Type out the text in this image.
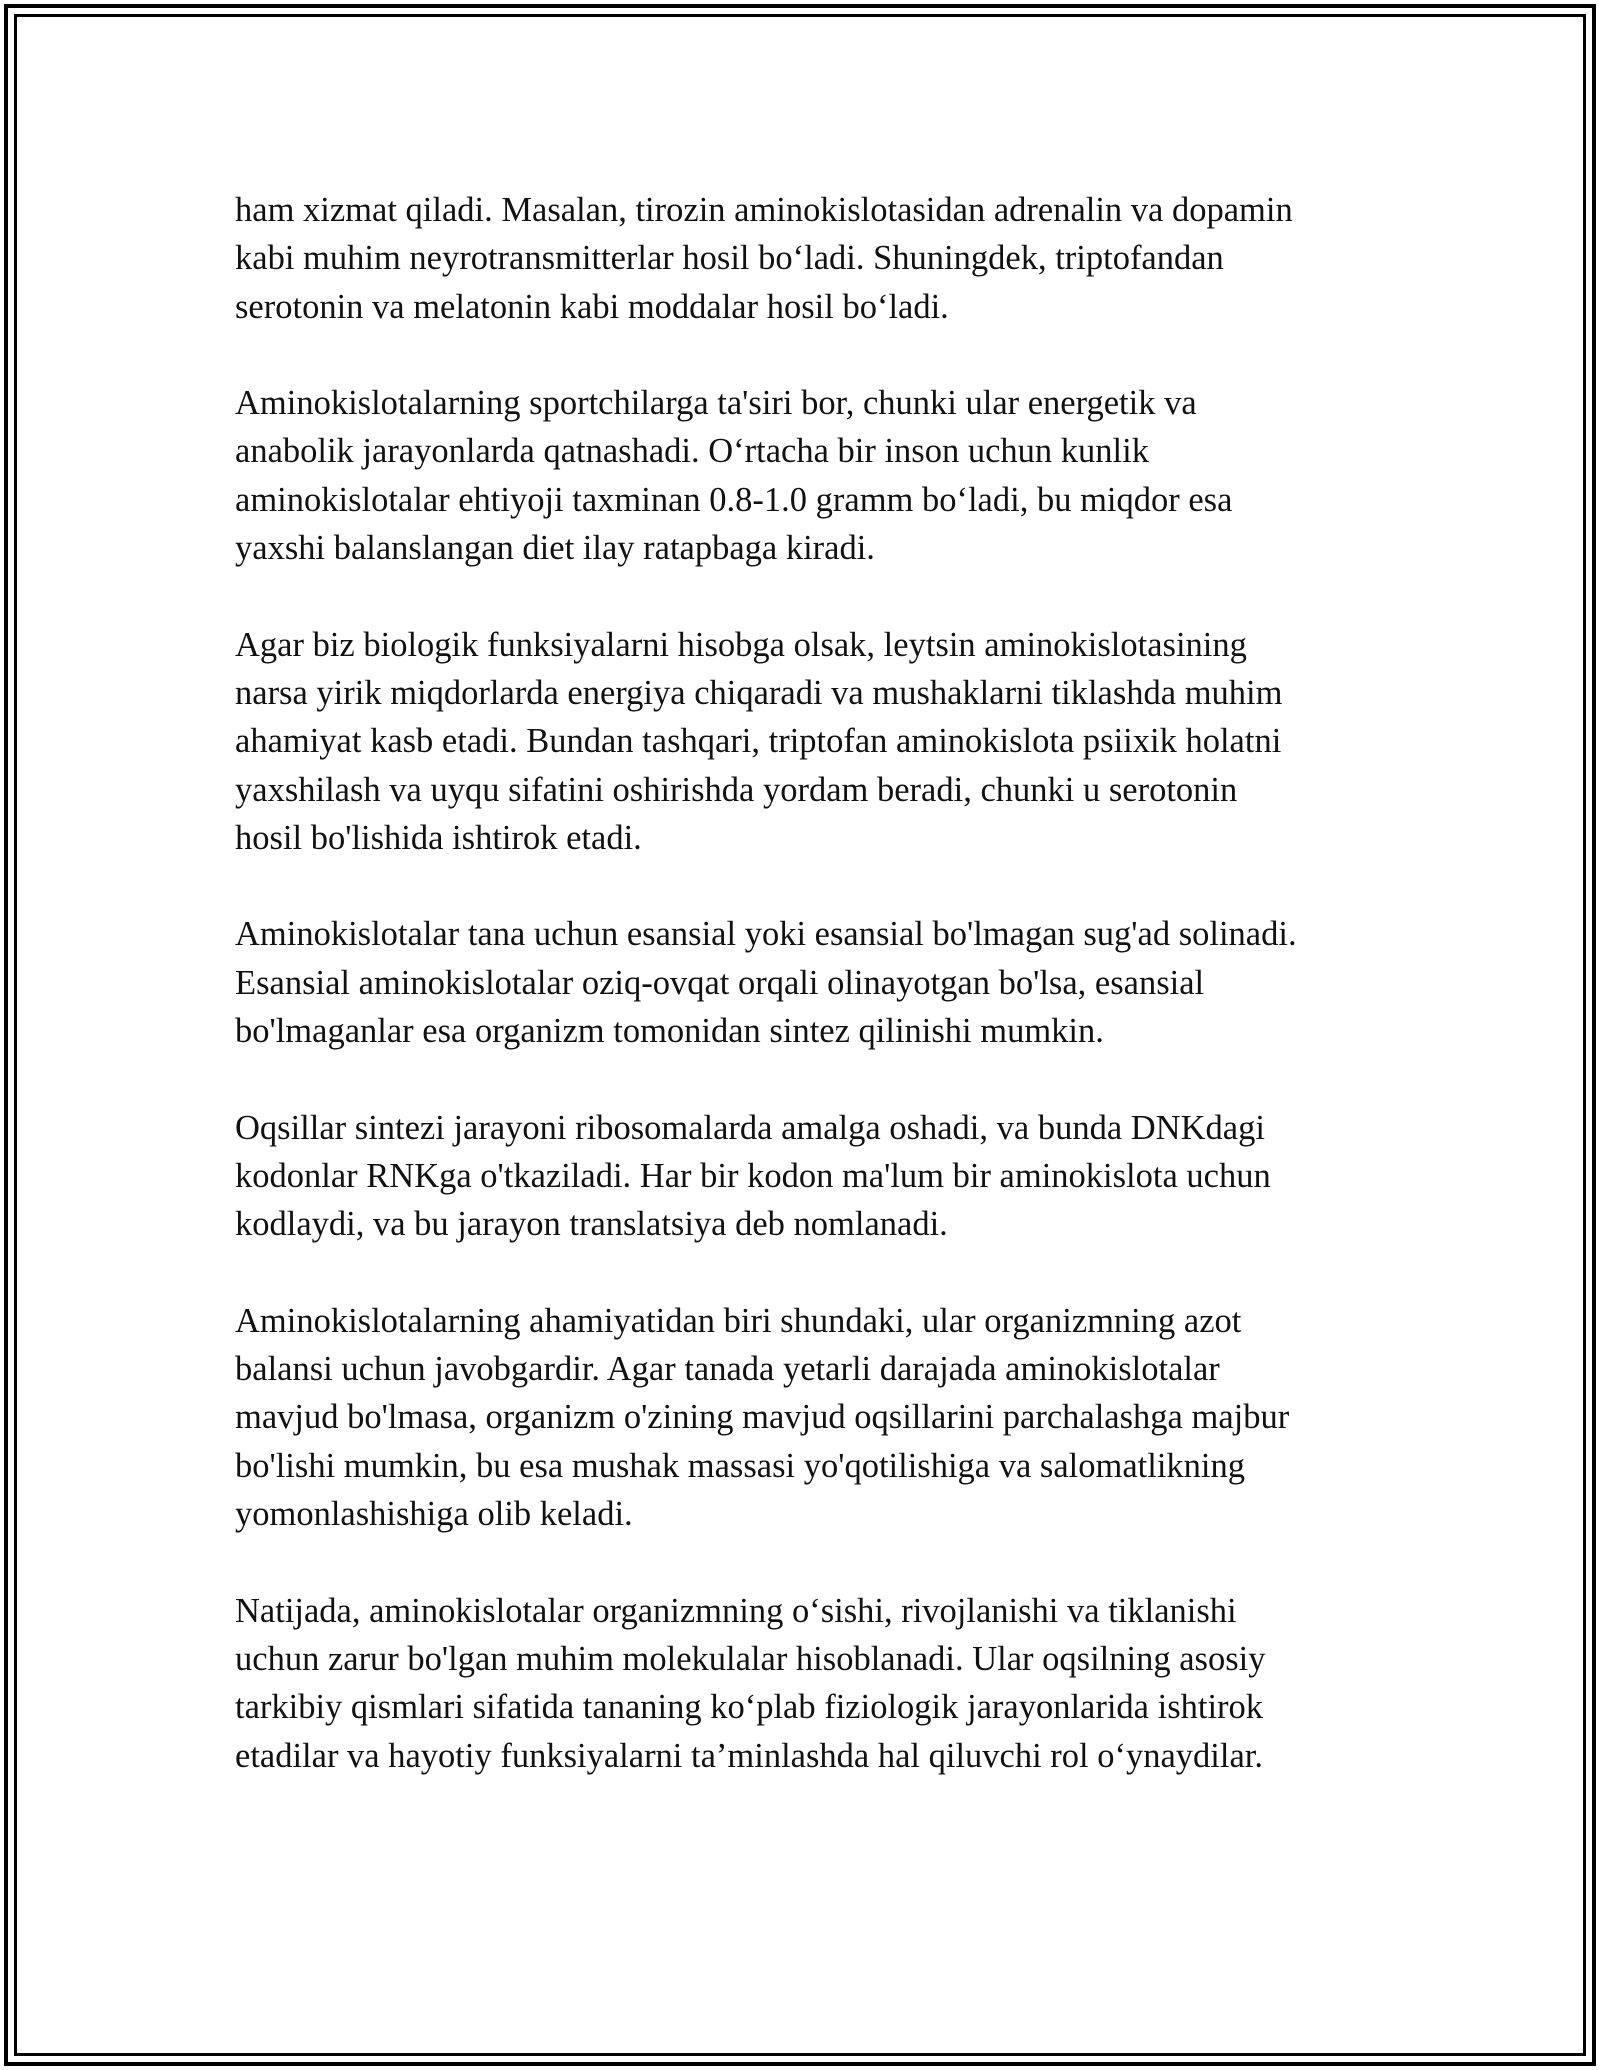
ham xizmat qiladi. Masalan, tirozin aminokislotasidan adrenalin va dopamin
kabi muhim neyrotransmitterlar hosil bo‘ladi. Shuningdek, triptofandan
serotonin va melatonin kabi moddalar hosil bo‘ladi.

Aminokislotalarning sportchilarga ta'siri bor, chunki ular energetik va
anabolik jarayonlarda qatnashadi. O‘rtacha bir inson uchun kunlik
aminokislotalar ehtiyoji taxminan 0.8-1.0 gramm bo‘ladi, bu miqdor esa
yaxshi balanslangan diet ilay ratapbaga kiradi.

Agar biz biologik funksiyalarni hisobga olsak, leytsin aminokislotasining
narsa yirik miqdorlarda energiya chiqaradi va mushaklarni tiklashda muhim
ahamiyat kasb etadi. Bundan tashqari, triptofan aminokislota psiixik holatni
yaxshilash va uyqu sifatini oshirishda yordam beradi, chunki u serotonin
hosil bo'lishida ishtirok etadi.

Aminokislotalar tana uchun esansial yoki esansial bo'lmagan sug'ad solinadi.
Esansial aminokislotalar oziq-ovqat orqali olinayotgan bo'lsa, esansial
bo'lmaganlar esa organizm tomonidan sintez qilinishi mumkin.

Oqsillar sintezi jarayoni ribosomalarda amalga oshadi, va bunda DNKdagi
kodonlar RNKga o'tkaziladi. Har bir kodon ma'lum bir aminokislota uchun
kodlaydi, va bu jarayon translatsiya deb nomlanadi.

Aminokislotalarning ahamiyatidan biri shundaki, ular organizmning azot
balansi uchun javobgardir. Agar tanada yetarli darajada aminokislotalar
mavjud bo'lmasa, organizm o'zining mavjud oqsillarini parchalashga majbur
bo'lishi mumkin, bu esa mushak massasi yo'qotilishiga va salomatlikning
yomonlashishiga olib keladi.

Natijada, aminokislotalar organizmning o‘sishi, rivojlanishi va tiklanishi
uchun zarur bo'lgan muhim molekulalar hisoblanadi. Ular oqsilning asosiy
tarkibiy qismlari sifatida tananing ko‘plab fiziologik jarayonlarida ishtirok
etadilar va hayotiy funksiyalarni ta’minlashda hal qiluvchi rol o‘ynaydilar.
